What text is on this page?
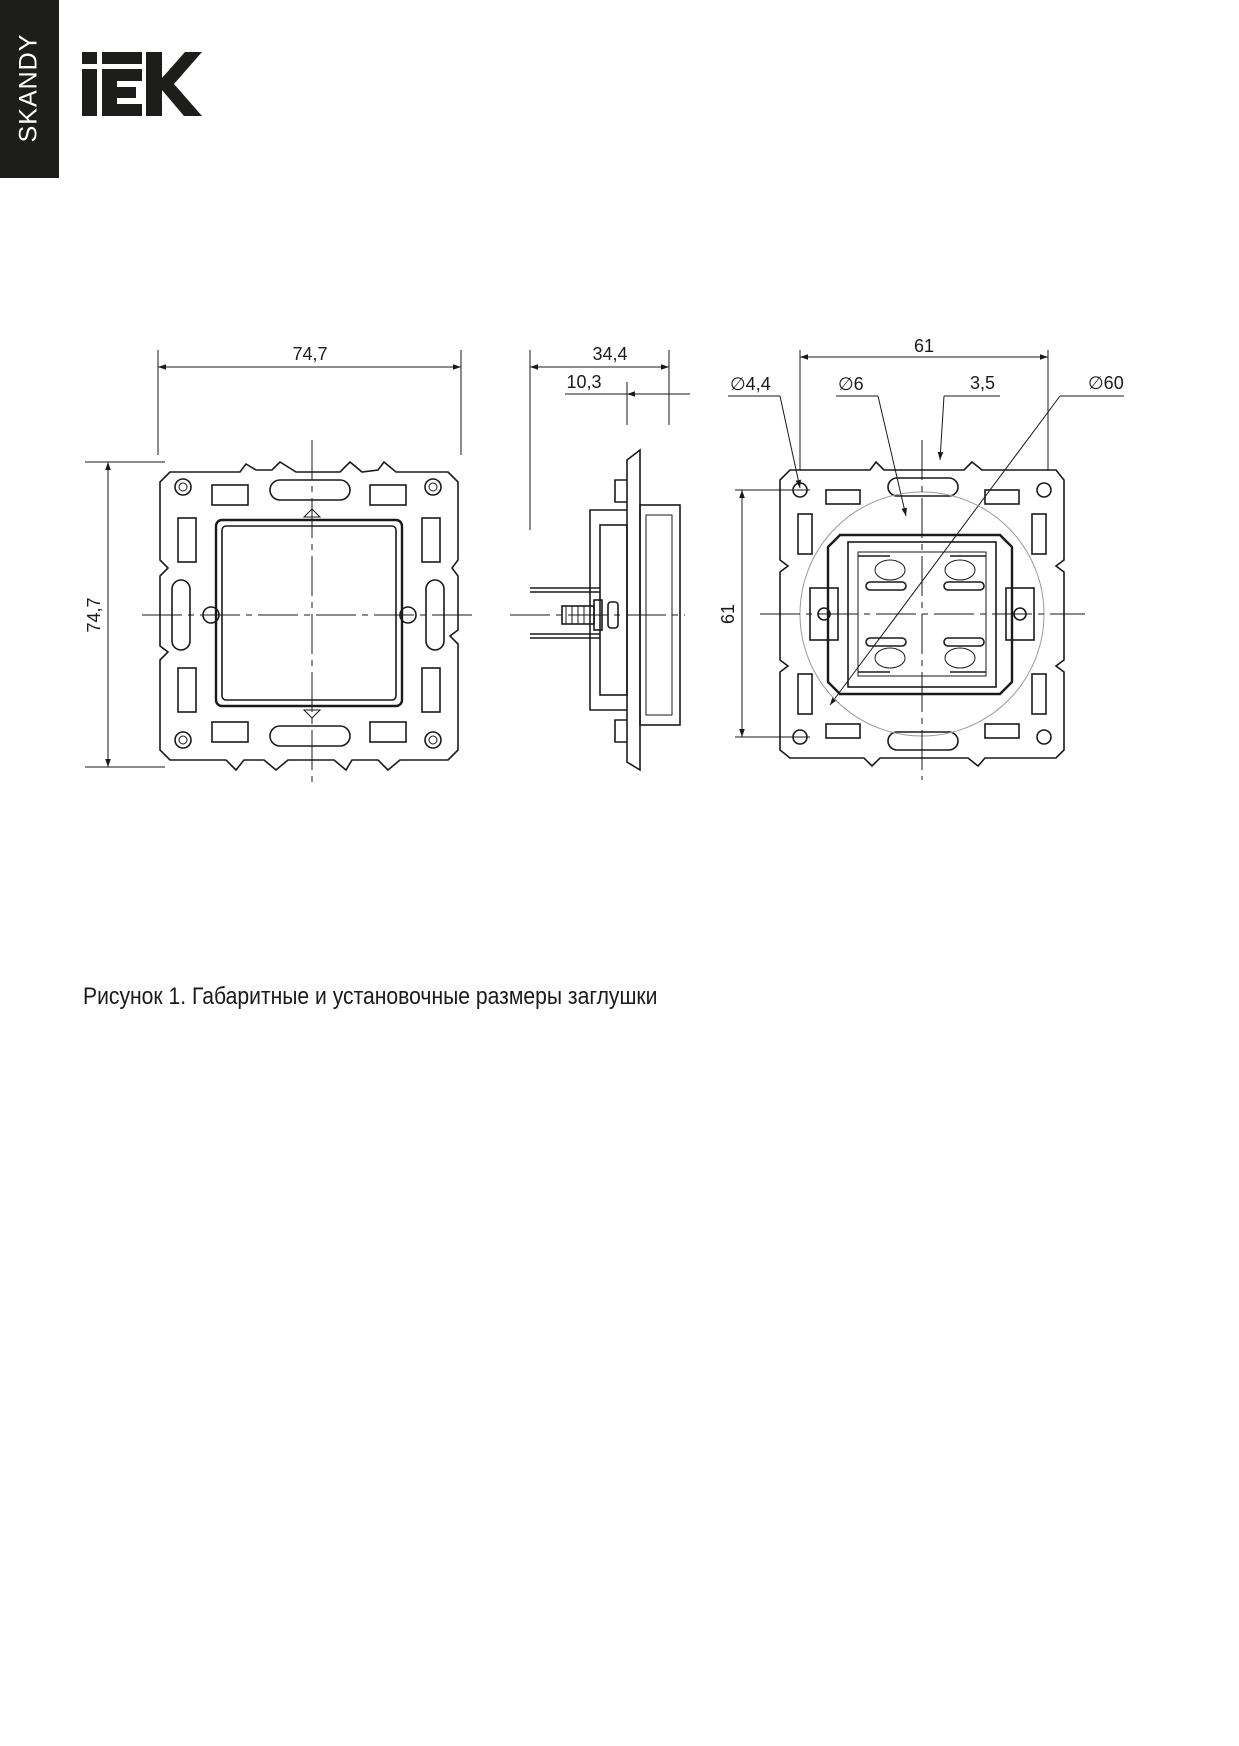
SKANDY
74,7
74,7
34,4
10,3
61
61
∅4,4	∅6	3,5	∅60
Рисунок 1. Габаритные и установочные размеры заглушки
